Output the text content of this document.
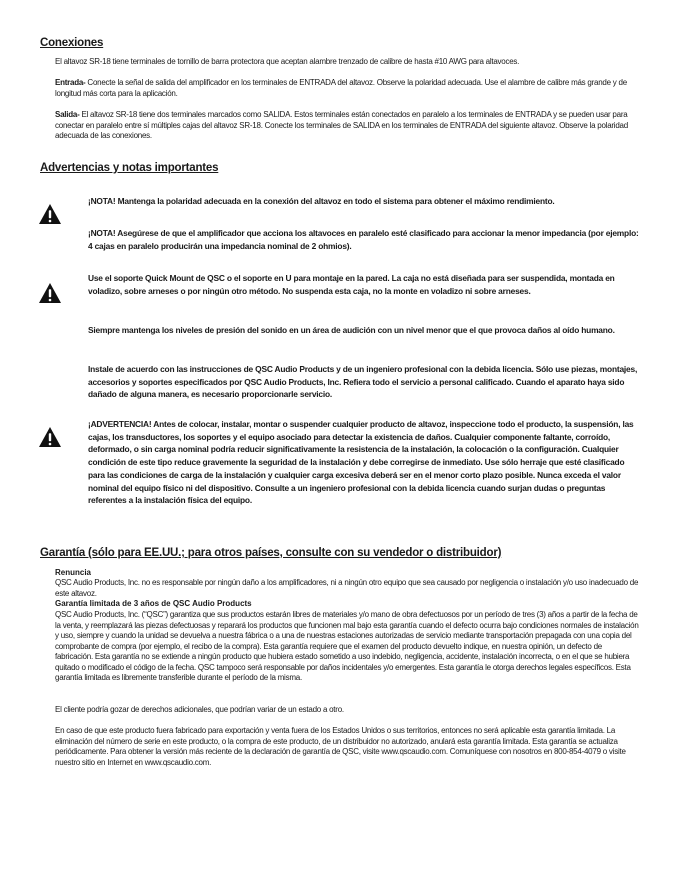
Conexiones

El altavoz SR-18 tiene terminales de tornillo de barra protectora que aceptan alambre trenzado de calibre de hasta #10 AWG para altavoces.

Entrada- Conecte la señal de salida del amplificador en los terminales de ENTRADA del altavoz. Observe la polaridad adecuada. Use el alambre de calibre más grande y de longitud más corta para la aplicación.

Salida- El altavoz SR-18 tiene dos terminales marcados como SALIDA. Estos terminales están conectados en paralelo a los terminales de ENTRADA y se pueden usar para conectar en paralelo entre sí múltiples cajas del altavoz SR-18. Conecte los terminales de SALIDA en los terminales de ENTRADA del siguiente altavoz. Observe la polaridad adecuada de las conexiones.

Advertencias y notas importantes

¡NOTA! Mantenga la polaridad adecuada en la conexión del altavoz en todo el sistema para obtener el máximo rendimiento.

¡NOTA! Asegúrese de que el amplificador que acciona los altavoces en paralelo esté clasificado para accionar la menor impedancia (por ejemplo: 4 cajas en paralelo producirán una impedancia nominal de 2 ohmios).

Use el soporte Quick Mount de QSC o el soporte en U para montaje en la pared. La caja no está diseñada para ser suspendida, montada en voladizo, sobre arneses o por ningún otro método. No suspenda esta caja, no la monte en voladizo ni sobre arneses.

Siempre mantenga los niveles de presión del sonido en un área de audición con un nivel menor que el que provoca daños al oído humano.

Instale de acuerdo con las instrucciones de QSC Audio Products y de un ingeniero profesional con la debida licencia. Sólo use piezas, montajes, accesorios y soportes especificados por QSC Audio Products, Inc. Refiera todo el servicio a personal calificado. Cuando el aparato haya sido dañado de alguna manera, es necesario proporcionarle servicio.

¡ADVERTENCIA! Antes de colocar, instalar, montar o suspender cualquier producto de altavoz, inspeccione todo el producto, la suspensión, las cajas, los transductores, los soportes y el equipo asociado para detectar la existencia de daños. Cualquier componente faltante, corroído, deformado, o sin carga nominal podría reducir significativamente la resistencia de la instalación, la colocación o la configuración. Cualquier condición de este tipo reduce gravemente la seguridad de la instalación y debe corregirse de inmediato. Use sólo herraje que esté clasificado para las condiciones de carga de la instalación y cualquier carga excesiva deberá ser en el menor corto plazo posible. Nunca exceda el valor nominal del equipo físico ni del dispositivo. Consulte a un ingeniero profesional con la debida licencia cuando surjan dudas o preguntas referentes a la instalación física del equipo.

Garantía (sólo para EE.UU.; para otros países, consulte con su vendedor o distribuidor)

Renuncia

QSC Audio Products, Inc. no es responsable por ningún daño a los amplificadores, ni a ningún otro equipo que sea causado por negligencia o instalación y/o uso inadecuado de este altavoz.

Garantía limitada de 3 años de QSC Audio Products

QSC Audio Products, Inc. (“QSC”) garantiza que sus productos estarán libres de materiales y/o mano de obra defectuosos por un período de tres (3) años a partir de la fecha de la venta, y reemplazará las piezas defectuosas y reparará los productos que funcionen mal bajo esta garantía cuando el defecto ocurra bajo condiciones normales de instalación y uso, siempre y cuando la unidad se devuelva a nuestra fábrica o a una de nuestras estaciones autorizadas de servicio mediante transportación prepagada con una copia del comprobante de compra (por ejemplo, el recibo de la compra). Esta garantía requiere que el examen del producto devuelto indique, en nuestra opinión, un defecto de fabricación. Esta garantía no se extiende a ningún producto que hubiera estado sometido a uso indebido, negligencia, accidente, instalación incorrecta, o en el que se hubiera quitado o modificado el código de la fecha. QSC tampoco será responsable por daños incidentales y/o emergentes. Esta garantía le otorga derechos legales específicos. Esta garantía limitada es libremente transferible durante el período de la misma.

El cliente podría gozar de derechos adicionales, que podrían variar de un estado a otro.

En caso de que este producto fuera fabricado para exportación y venta fuera de los Estados Unidos o sus territorios, entonces no será aplicable esta garantía limitada. La eliminación del número de serie en este producto, o la compra de este producto, de un distribuidor no autorizado, anulará esta garantía limitada. Esta garantía se actualiza periódicamente. Para obtener la versión más reciente de la declaración de garantía de QSC, visite www.qscaudio.com. Comuníquese con nosotros en 800-854-4079 o visite nuestro sitio en Internet en www.qscaudio.com.
